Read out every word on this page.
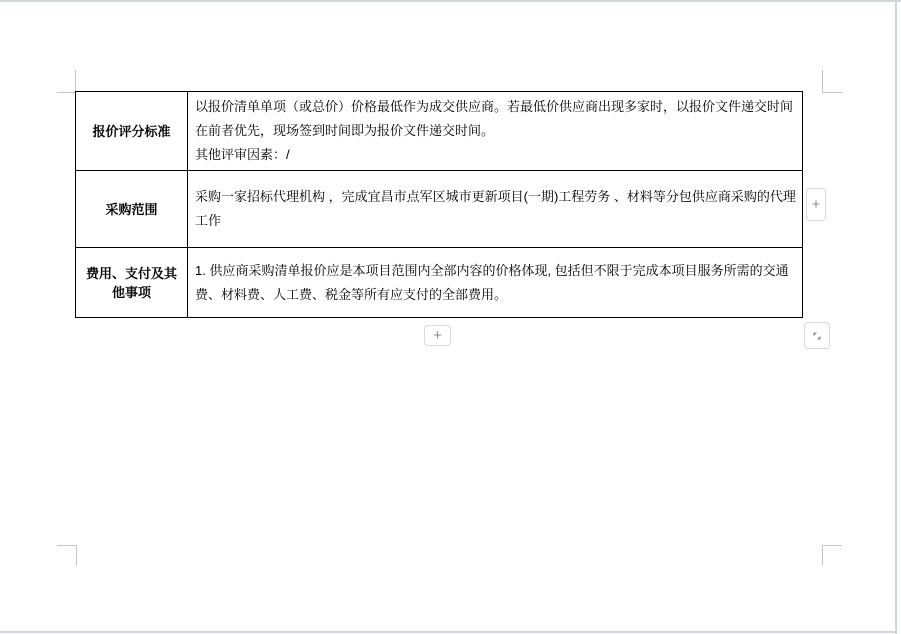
报价评分标准	以报价清单单项（或总价）价格最低作为成交供应商。若最低价供应商出现多家时，以报价文件递交时间在前者优先，现场签到时间即为报价文件递交时间。

其他评审因素：/

采购范围	采购一家招标代理机构 ，完成宜昌市点军区城市更新项目(一期)工程劳务 、材料等分包供应商采购的代理工作

费用、支付及其他事项	1. 供应商采购清单报价应是本项目范围内全部内容的价格体现, 包括但不限于完成本项目服务所需的交通费、材料费、人工费、税金等所有应支付的全部费用。

+
+
